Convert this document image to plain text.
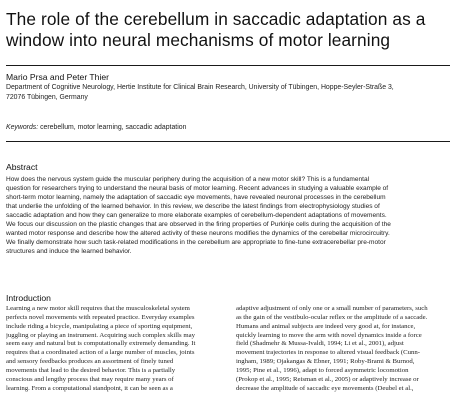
The role of the cerebellum in saccadic adaptation as a
window into neural mechanisms of motor learning
Mario Prsa and Peter Thier
Department of Cognitive Neurology, Hertie Institute for Clinical Brain Research, University of Tübingen, Hoppe-Seyler-Straße 3,
72076 Tübingen, Germany
Keywords: cerebellum, motor learning, saccadic adaptation
Abstract
How does the nervous system guide the muscular periphery during the acquisition of a new motor skill? This is a fundamental
question for researchers trying to understand the neural basis of motor learning. Recent advances in studying a valuable example of
short-term motor learning, namely the adaptation of saccadic eye movements, have revealed neuronal processes in the cerebellum
that underlie the unfolding of the learned behavior. In this review, we describe the latest findings from electrophysiology studies of
saccadic adaptation and how they can generalize to more elaborate examples of cerebellum-dependent adaptations of movements.
We focus our discussion on the plastic changes that are observed in the firing properties of Purkinje cells during the acquisition of the
wanted motor response and describe how the altered activity of these neurons modifies the dynamics of the cerebellar microcircuitry.
We finally demonstrate how such task-related modifications in the cerebellum are appropriate to fine-tune extracerebellar pre-motor
structures and induce the learned behavior.
Introduction
Learning a new motor skill requires that the musculoskeletal system
perfects novel movements with repeated practice. Everyday examples
include riding a bicycle, manipulating a piece of sporting equipment,
juggling or playing an instrument. Acquiring such complex skills may
seem easy and natural but is computationally extremely demanding. It
requires that a coordinated action of a large number of muscles, joints
and sensory feedbacks produces an assortment of finely tuned
movements that lead to the desired behavior. This is a partially
conscious and lengthy process that may require many years of
learning. From a computational standpoint, it can be seen as a
adaptive adjustment of only one or a small number of parameters, such
as the gain of the vestibulo-ocular reflex or the amplitude of a saccade.
Humans and animal subjects are indeed very good at, for instance,
quickly learning to move the arm with novel dynamics inside a force
field (Shadmehr & Mussa-Ivaldi, 1994; Li et al., 2001), adjust
movement trajectories in response to altered visual feedback (Cunn-
ingham, 1989; Ojakangas & Ebner, 1991; Roby-Brami & Burnod,
1995; Pine et al., 1996), adapt to forced asymmetric locomotion
(Prokop et al., 1995; Reisman et al., 2005) or adaptively increase or
decrease the amplitude of saccadic eye movements (Deubel et al.,
